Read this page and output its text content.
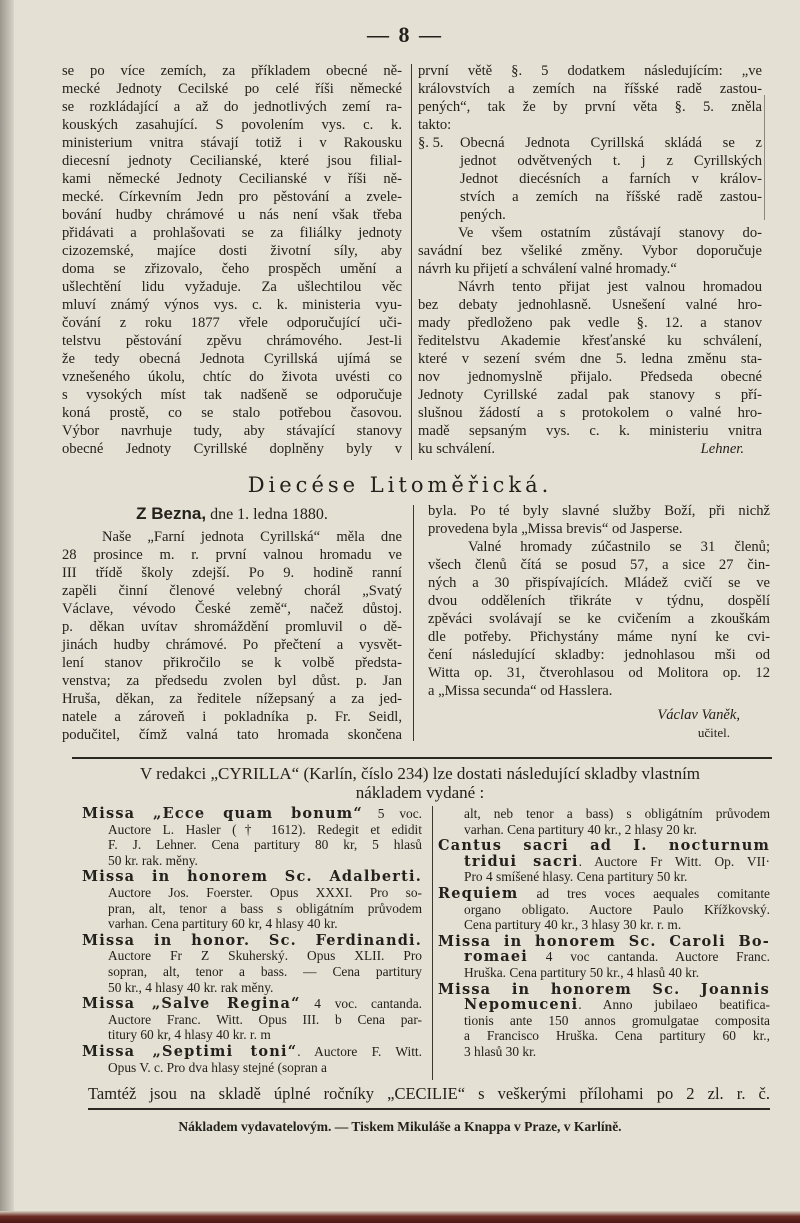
— 8 —
se po více zemích, za příkladem obecné ně-
mecké Jednoty Cecilské po celé říši německé
se rozkládající a až do jednotlivých zemí ra-
kouských zasahující. S povolením vys. c. k.
ministerium vnitra stávají totiž i v Rakousku
diecesní jednoty Cecilianské, které jsou filial-
kami německé Jednoty Cecilianské v říši ně-
mecké. Církevním Jedn pro pěstování a zvele-
bování hudby chrámové u nás není však třeba
přidávati a prohlašovati se za filiálky jednoty
cizozemské, majíce dosti životní síly, aby
doma se zřizovalo, čeho prospěch umění a
ušlechtění lidu vyžaduje. Za ušlechtilou věc
mluví známý výnos vys. c. k. ministeria vyu-
čování z roku 1877 vřele odporučující uči-
telstvu pěstování zpěvu chrámového. Jest-li
že tedy obecná Jednota Cyrillská ujímá se
vznešeného úkolu, chtíc do života uvésti co
s vysokých míst tak nadšeně se odporučuje
koná prostě, co se stalo potřebou časovou.
Výbor navrhuje tudy, aby stávající stanovy
obecné Jednoty Cyrillské doplněny byly v
první větě §. 5 dodatkem následujícím: „ve
královstvích a zemích na říšské radě zastou-
pených“, tak že by první věta §. 5. zněla
takto:
§. 5.	Obecná Jednota Cyrillská skládá se z
jednot odvětvených t. j z Cyrillských
Jednot diecésních a farních v králov-
stvích a zemích na říšské radě zastou-
pených.
Ve všem ostatním zůstávají stanovy do-
savádní bez všeliké změny. Vybor doporučuje
návrh ku přijetí a schválení valné hromady.“
Návrh tento přijat jest valnou hromadou
bez debaty jednohlasně. Usnešení valné hro-
mady předloženo pak vedle §. 12. a stanov
ředitelstvu Akademie křesťanské ku schválení,
které v sezení svém dne 5. ledna změnu sta-
nov jednomyslně přijalo. Předseda obecné
Jednoty Cyrillské zadal pak stanovy s pří-
slušnou žádostí a s protokolem o valné hro-
madě sepsaným vys. c. k. ministeriu vnitra
ku schválení.	Lehner.
Diecése Litoměřická.
Z Bezna, dne 1. ledna 1880.
Naše „Farní jednota Cyrillská“ měla dne
28 prosince m. r. první valnou hromadu ve
III třídě školy zdejší. Po 9. hodině ranní
zapěli činní členové velebný chorál „Svatý
Václave, vévodo České země“, načež důstoj.
p. děkan uvítav shromáždění promluvil o dě-
jinách hudby chrámové. Po přečtení a vysvět-
lení stanov přikročilo se k volbě předsta-
venstva; za předsedu zvolen byl důst. p. Jan
Hruša, děkan, za ředitele nížepsaný a za jed-
natele a zároveň i pokladníka p. Fr. Seidl,
podučitel, čímž valná tato hromada skončena
byla. Po té byly slavné služby Boží, při nichž
provedena byla „Missa brevis“ od Jasperse.
Valné hromady zúčastnilo se 31 členů;
všech členů čítá se posud 57, a sice 27 čin-
ných a 30 přispívajících. Mládež cvičí se ve
dvou odděleních třikráte v týdnu, dospělí
zpěváci svolávají se ke cvičením a zkouškám
dle potřeby. Přichystány máme nyní ke cvi-
čení následující skladby: jednohlasou mši od
Witta op. 31, čtverohlasou od Molitora op. 12
a „Missa secunda“ od Hasslera.
Václav Vaněk,
učitel.
V redakci „CYRILLA“ (Karlín, číslo 234) lze dostati následující skladby vlastním
nákladem vydané :
Missa „Ecce quam bonum“ 5 voc.
Auctore L. Hasler († 1612). Redegit et edidit
F. J. Lehner. Cena partitury 80 kr, 5 hlasů
50 kr. rak. měny.
Missa in honorem Sc. Adalberti.
Auctore Jos. Foerster. Opus XXXI. Pro so-
pran, alt, tenor a bass s obligátním průvodem
varhan. Cena partitury 60 kr, 4 hlasy 40 kr.
Missa in honor. Sc. Ferdinandi.
Auctore Fr Z Skuherský. Opus XLII. Pro
sopran, alt, tenor a bass. — Cena partitury
50 kr., 4 hlasy 40 kr. rak měny.
Missa „Salve Regina“ 4 voc. cantanda.
Auctore Franc. Witt. Opus III. b Cena par-
titury 60 kr, 4 hlasy 40 kr. r. m
Missa „Septimi toni“. Auctore F. Witt.
Opus V. c. Pro dva hlasy stejné (sopran a
alt, neb tenor a bass) s obligátním průvodem
varhan. Cena partitury 40 kr., 2 hlasy 20 kr.
Cantus sacri ad I. nocturnum
tridui sacri. Auctore Fr Witt. Op. VII·
Pro 4 smíšené hlasy. Cena partitury 50 kr.
Requiem ad tres voces aequales comitante
organo obligato. Auctore Paulo Křížkovský.
Cena partitury 40 kr., 3 hlasy 30 kr. r. m.
Missa in honorem Sc. Caroli Bo-
romaei 4 voc cantanda. Auctore Franc.
Hruška. Cena partitury 50 kr., 4 hlasů 40 kr.
Missa in honorem Sc. Joannis
Nepomuceni. Anno jubilaeo beatifica-
tionis ante 150 annos gromulgatae composita
a Francisco Hruška. Cena partitury 60 kr.,
3 hlasů 30 kr.
Tamtéž jsou na skladě úplné ročníky „CECILIE“ s veškerými přílohami po 2 zl. r. č.
Nákladem vydavatelovým. — Tiskem Mikuláše a Knappa v Praze, v Karlíně.
